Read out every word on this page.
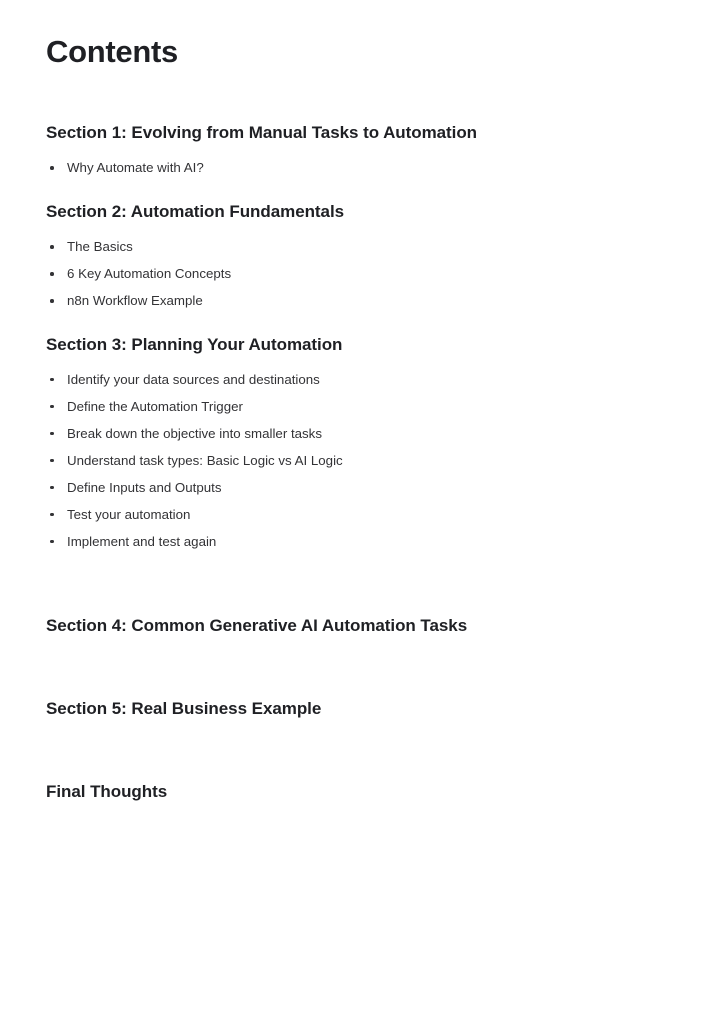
Contents
Section 1: Evolving from Manual Tasks to Automation
Why Automate with AI?
Section 2: Automation Fundamentals
The Basics
6 Key Automation Concepts
n8n Workflow Example
Section 3: Planning Your Automation
Identify your data sources and destinations
Define the Automation Trigger
Break down the objective into smaller tasks
Understand task types: Basic Logic vs AI Logic
Define Inputs and Outputs
Test your automation
Implement and test again
Section 4: Common Generative AI Automation Tasks
Section 5: Real Business Example
Final Thoughts
